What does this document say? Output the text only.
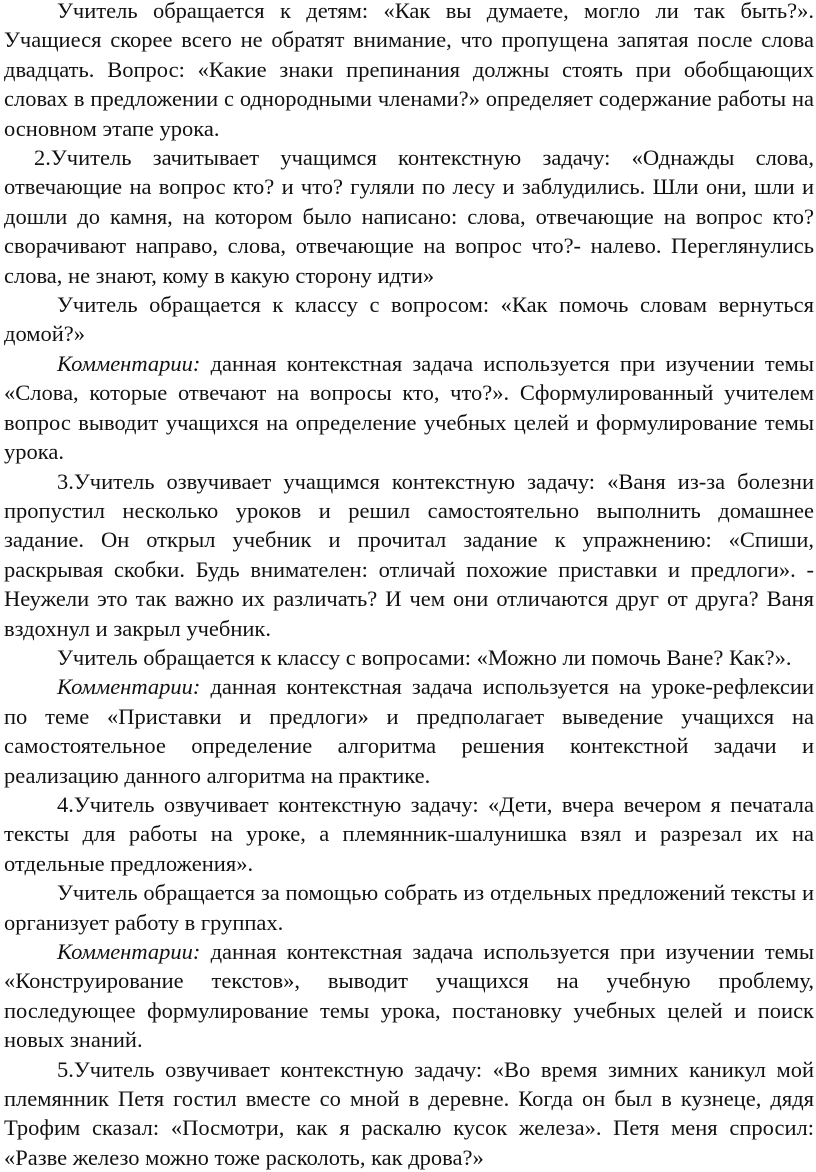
Учитель обращается к детям: «Как вы думаете, могло ли так быть?». Учащиеся скорее всего не обратят внимание, что пропущена запятая после слова двадцать. Вопрос: «Какие знаки препинания должны стоять при обобщающих словах в предложении с однородными членами?» определяет содержание работы на основном этапе урока.

2.Учитель зачитывает учащимся контекстную задачу: «Однажды слова, отвечающие на вопрос кто? и что? гуляли по лесу и заблудились. Шли они, шли и дошли до камня, на котором было написано: слова, отвечающие на вопрос кто? сворачивают направо, слова, отвечающие на вопрос что?- налево. Переглянулись слова, не знают, кому в какую сторону идти»

Учитель обращается к классу с вопросом: «Как помочь словам вернуться домой?»

Комментарии: данная контекстная задача используется при изучении темы «Слова, которые отвечают на вопросы кто, что?». Сформулированный учителем вопрос выводит учащихся на определение учебных целей и формулирование темы урока.

3.Учитель озвучивает учащимся контекстную задачу: «Ваня из-за болезни пропустил несколько уроков и решил самостоятельно выполнить домашнее задание. Он открыл учебник и прочитал задание к упражнению: «Спиши, раскрывая скобки. Будь внимателен: отличай похожие приставки и предлоги». - Неужели это так важно их различать? И чем они отличаются друг от друга? Ваня вздохнул и закрыл учебник.

Учитель обращается к классу с вопросами: «Можно ли помочь Ване? Как?».

Комментарии: данная контекстная задача используется на уроке-рефлексии по теме «Приставки и предлоги» и предполагает выведение учащихся на самостоятельное определение алгоритма решения контекстной задачи и реализацию данного алгоритма на практике.

4.Учитель озвучивает контекстную задачу: «Дети, вчера вечером я печатала тексты для работы на уроке, а племянник-шалунишка взял и разрезал их на отдельные предложения».

Учитель обращается за помощью собрать из отдельных предложений тексты и организует работу в группах.

Комментарии: данная контекстная задача используется при изучении темы «Конструирование текстов», выводит учащихся на учебную проблему, последующее формулирование темы урока, постановку учебных целей и поиск новых знаний.

5.Учитель озвучивает контекстную задачу: «Во время зимних каникул мой племянник Петя гостил вместе со мной в деревне. Когда он был в кузнеце, дядя Трофим сказал: «Посмотри, как я раскалю кусок железа». Петя меня спросил: «Разве железо можно тоже расколоть, как дрова?»
